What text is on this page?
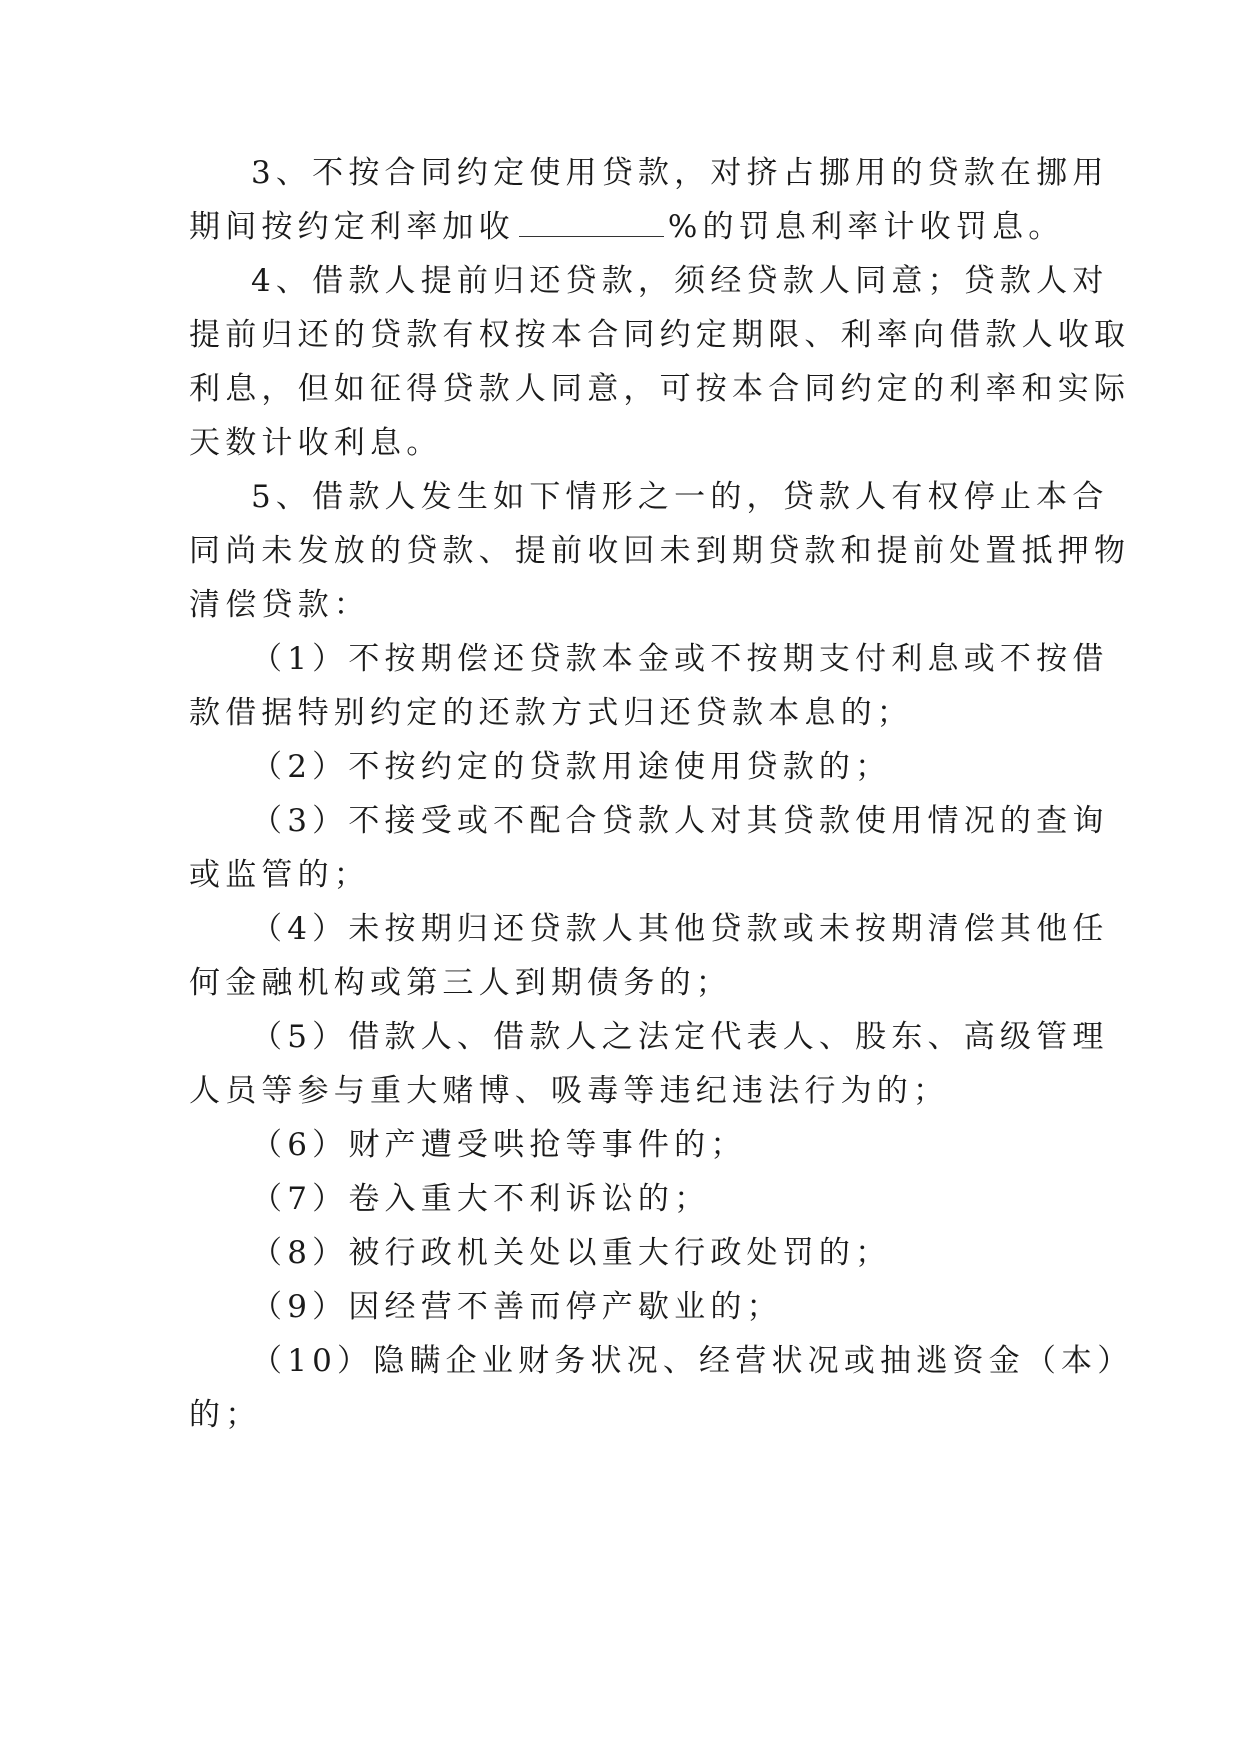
3、不按合同约定使用贷款，对挤占挪用的贷款在挪用
期间按约定利率加收	%的罚息利率计收罚息。
4、借款人提前归还贷款，须经贷款人同意；贷款人对
提前归还的贷款有权按本合同约定期限、利率向借款人收取
利息，但如征得贷款人同意，可按本合同约定的利率和实际
天数计收利息。
5、借款人发生如下情形之一的，贷款人有权停止本合
同尚未发放的贷款、提前收回未到期贷款和提前处置抵押物
清偿贷款：
（1）不按期偿还贷款本金或不按期支付利息或不按借
款借据特别约定的还款方式归还贷款本息的；
（2）不按约定的贷款用途使用贷款的；
（3）不接受或不配合贷款人对其贷款使用情况的查询
或监管的；
（4）未按期归还贷款人其他贷款或未按期清偿其他任
何金融机构或第三人到期债务的；
（5）借款人、借款人之法定代表人、股东、高级管理
人员等参与重大赌博、吸毒等违纪违法行为的；
（6）财产遭受哄抢等事件的；
（7）卷入重大不利诉讼的；
（8）被行政机关处以重大行政处罚的；
（9）因经营不善而停产歇业的；
（10）隐瞒企业财务状况、经营状况或抽逃资金（本）
的；
